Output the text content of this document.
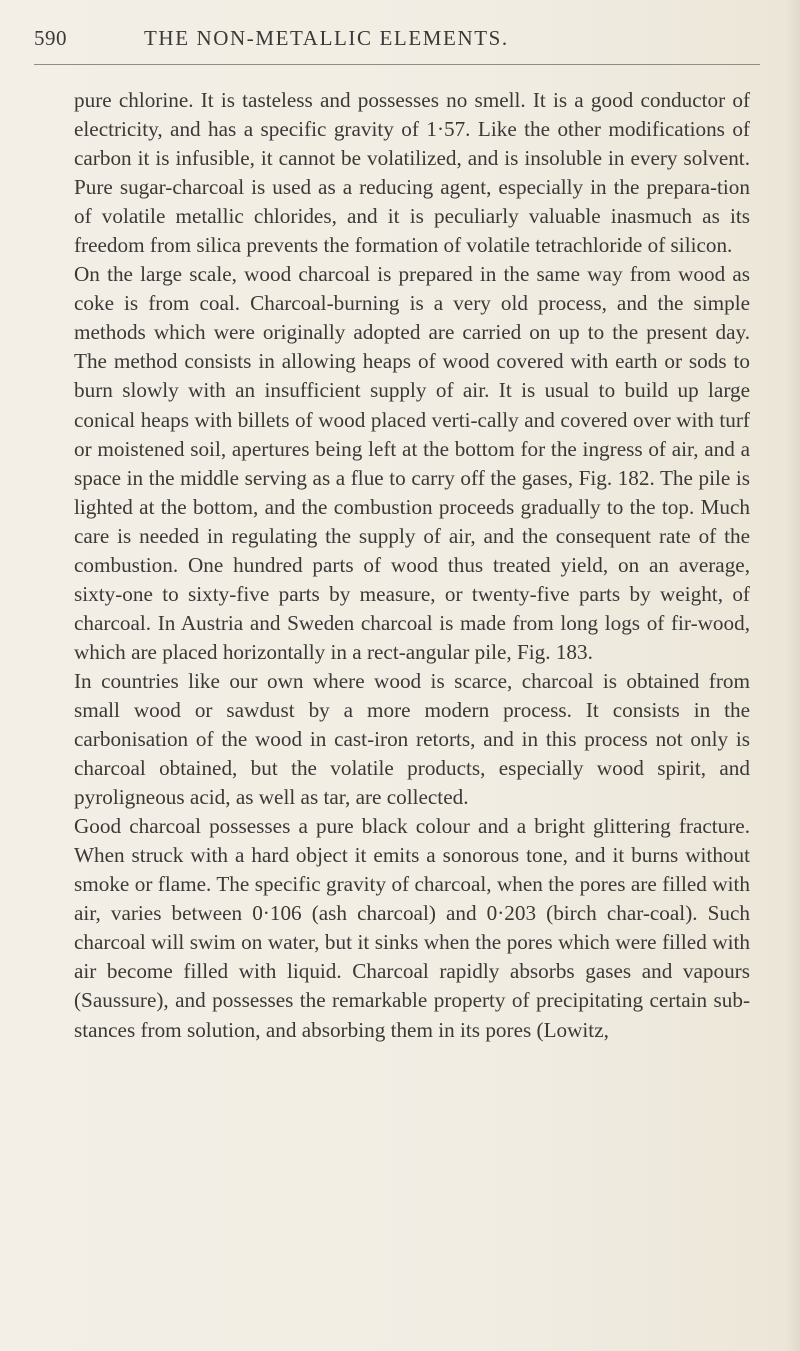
590	THE NON-METALLIC ELEMENTS.

pure chlorine. It is tasteless and possesses no smell. It is a good conductor of electricity, and has a specific gravity of 1·57. Like the other modifications of carbon it is infusible, it cannot be volatilized, and is insoluble in every solvent. Pure sugar-charcoal is used as a reducing agent, especially in the prepara-tion of volatile metallic chlorides, and it is peculiarly valuable inasmuch as its freedom from silica prevents the formation of volatile tetrachloride of silicon.

On the large scale, wood charcoal is prepared in the same way from wood as coke is from coal. Charcoal-burning is a very old process, and the simple methods which were originally adopted are carried on up to the present day. The method consists in allowing heaps of wood covered with earth or sods to burn slowly with an insufficient supply of air. It is usual to build up large conical heaps with billets of wood placed verti-cally and covered over with turf or moistened soil, apertures being left at the bottom for the ingress of air, and a space in the middle serving as a flue to carry off the gases, Fig. 182. The pile is lighted at the bottom, and the combustion proceeds gradually to the top. Much care is needed in regulating the supply of air, and the consequent rate of the combustion. One hundred parts of wood thus treated yield, on an average, sixty-one to sixty-five parts by measure, or twenty-five parts by weight, of charcoal. In Austria and Sweden charcoal is made from long logs of fir-wood, which are placed horizontally in a rect-angular pile, Fig. 183.

In countries like our own where wood is scarce, charcoal is obtained from small wood or sawdust by a more modern process. It consists in the carbonisation of the wood in cast-iron retorts, and in this process not only is charcoal obtained, but the volatile products, especially wood spirit, and pyroligneous acid, as well as tar, are collected.

Good charcoal possesses a pure black colour and a bright glittering fracture. When struck with a hard object it emits a sonorous tone, and it burns without smoke or flame. The specific gravity of charcoal, when the pores are filled with air, varies between 0·106 (ash charcoal) and 0·203 (birch char-coal). Such charcoal will swim on water, but it sinks when the pores which were filled with air become filled with liquid. Charcoal rapidly absorbs gases and vapours (Saussure), and possesses the remarkable property of precipitating certain sub-stances from solution, and absorbing them in its pores (Lowitz,
